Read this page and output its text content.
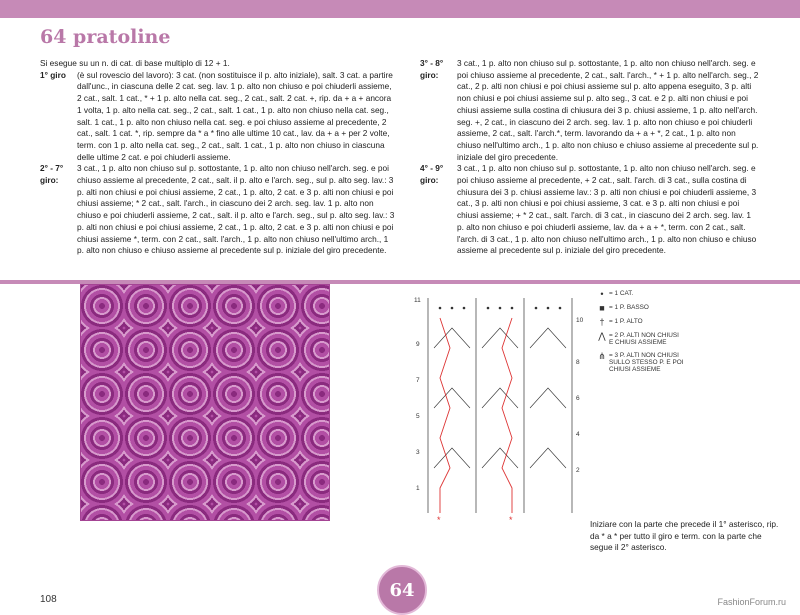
64 pratoline
Si esegue su un n. di cat. di base multiplo di 12 + 1.
1° giro	(è sul rovescio del lavoro): 3 cat. (non sostituisce il p. alto iniziale), salt. 3 cat. a partire dall'unc., in ciascuna delle 2 cat. seg. lav. 1 p. alto non chiuso e poi chiuderli assieme, 2 cat., salt. 1 cat., * + 1 p. alto nella cat. seg., 2 cat., salt. 2 cat. +, rip. da + a + ancora 1 volta, 1 p. alto nella cat. seg., 2 cat., salt. 1 cat., 1 p. alto non chiuso nella cat. seg., salt. 1 cat., 1 p. alto non chiuso nella cat. seg. e poi chiuso assieme al precedente, 2 cat., salt. 1 cat. *, rip. sempre da * a * fino alle ultime 10 cat., lav. da + a + per 2 volte, term. con 1 p. alto nella cat. seg., 2 cat., salt. 1 cat., 1 p. alto non chiuso in ciascuna delle ultime 2 cat. e poi chiuderli assieme.
2° - 7° giro:
3 cat., 1 p. alto non chiuso sul p. sottostante, 1 p. alto non chiuso nell'arch. seg. e poi chiuso assieme al precedente, 2 cat., salt. il p. alto e l'arch. seg., sul p. alto seg. lav.: 3 p. alti non chiusi e poi chiusi assieme, 2 cat., 1 p. alto, 2 cat. e 3 p. alti non chiusi e poi chiusi assieme; * 2 cat., salt. l'arch., in ciascuno dei 2 arch. seg. lav. 1 p. alto non chiuso e poi chiuderli assieme, 2 cat., salt. il p. alto e l'arch. seg., sul p. alto seg. lav.: 3 p. alti non chiusi e poi chiusi assieme, 2 cat., 1 p. alto, 2 cat. e 3 p. alti non chiusi e poi chiusi assieme *, term. con 2 cat., salt. l'arch., 1 p. alto non chiuso nell'ultimo arch., 1 p. alto non chiuso e chiuso assieme al precedente sul p. iniziale del giro precedente.
3° - 8° giro:
3 cat., 1 p. alto non chiuso sul p. sottostante, 1 p. alto non chiuso nell'arch. seg. e poi chiuso assieme al precedente, 2 cat., salt. l'arch., * + 1 p. alto nell'arch. seg., 2 cat., 2 p. alti non chiusi e poi chiusi assieme sul p. alto appena eseguito, 3 p. alti non chiusi e poi chiusi assieme sul p. alto seg., 3 cat. e 2 p. alti non chiusi e poi chiusi assieme sulla costina di chiusura dei 3 p. chiusi assieme, 1 p. alto nell'arch. seg. +, 2 cat., in ciascuno dei 2 arch. seg. lav. 1 p. alto non chiuso e poi chiuderli assieme, 2 cat., salt. l'arch.*, term. lavorando da + a + *, 2 cat., 1 p. alto non chiuso nell'ultimo arch., 1 p. alto non chiuso e chiuso assieme al precedente sul p. iniziale del giro precedente.
4° - 9° giro:
3 cat., 1 p. alto non chiuso sul p. sottostante, 1 p. alto non chiuso nell'arch. seg. e poi chiuso assieme al precedente, + 2 cat., salt. l'arch. di 3 cat., sulla costina di chiusura dei 3 p. chiusi assieme lav.: 3 p. alti non chiusi e poi chiuderli assieme, 3 cat., 3 p. alti non chiusi e poi chiusi assieme, 3 cat. e 3 p. alti non chiusi e poi chiusi assieme; + * 2 cat., salt. l'arch. di 3 cat., in ciascuno dei 2 arch. seg. lav. 1 p. alto non chiuso e poi chiuderli assieme, lav. da + a + *, term. con 2 cat., salt. l'arch. di 3 cat., 1 p. alto non chiuso nell'ultimo arch., 1 p. alto non chiuso e chiuso assieme al precedente sul p. iniziale del giro precedente.
*	*
11
9
7
5
3
1
10
8
6
4
2
• = 1 CAT.
■ = 1 P. BASSO
† = 1 P. ALTO
⋀ = 2 P. ALTI NON CHIUSI
E CHIUSI ASSIEME
⋔ = 3 P. ALTI NON CHIUSI
SULLO STESSO P. E POI
CHIUSI ASSIEME
Iniziare con la parte che precede il 1° asterisco, rip. da * a * per tutto il giro e term. con la parte che segue il 2° asterisco.
64
108	FashionForum.ru
